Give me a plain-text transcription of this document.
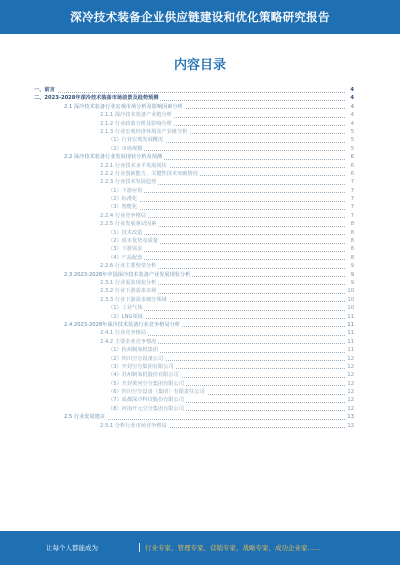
深冷技术装备企业供应链建设和优化策略研究报告
内容目录
一、前言	4
二、2023-2028年深冷技术装备市场前景及趋势预测	4
2.1 深冷技术装备行业宏观市场分析及影响因素分析	4
2.1.1 深冷技术装备产业链分析	4
2.1.2 行业政策分析及影响分析	4
2.1.3 行业宏观经济环境及产业链分析	5
（1）行业宏观发展概况	5
（2）市场规模	5
2.2 深冷技术装备行业发展现状分析及预测	6
2.2.1 行业技术水平发展现状	6
2.2.2 行业创新能力、关键性技术突破情况	6
2.2.3 行业技术发展趋势	7
（1）下游应用	7
（2）标准化	7
（3）智能化	7
2.2.4 行业竞争格局	7
2.2.5 行业发展驱动因素	8
（1）技术改造	8
（2）成本优势及质量	8
（3）下游需求	8
（4）产品配套	8
2.2.6 行业主要壁垒分析	9
2.3 2023-2028年中国深冷技术装备产业发展现状分析	9
2.3.1 行业需求现状分析	9
2.3.2 行业下游需求市场	10
2.3.3 行业下游需求细分领域	10
（1）工业气体	10
（2）LNG领域	11
2.4 2023-2028年深冷技术装备行业竞争格局分析	11
2.4.1 行业竞争格局	11
2.4.2 主要企业竞争情况	11
（1）杭州制氧机集团	11
（2）四川空分设备公司	12
（3）开封空分集团有限公司	12
（4）苏州制氧机股份有限公司	12
（5）开封黄河空分集团有限公司	12
（6）四川空分设备（集团）有限责任公司	12
（7）成都深冷科技股份有限公司	12
（8）河南开元空分集团有限公司	12
2.5 行业发展建议	13
2.5.1 分析行业市场竞争格局	13
让每个人都能成为	行业专家、管理专家、营销专家、战略专家、成功企业家……
